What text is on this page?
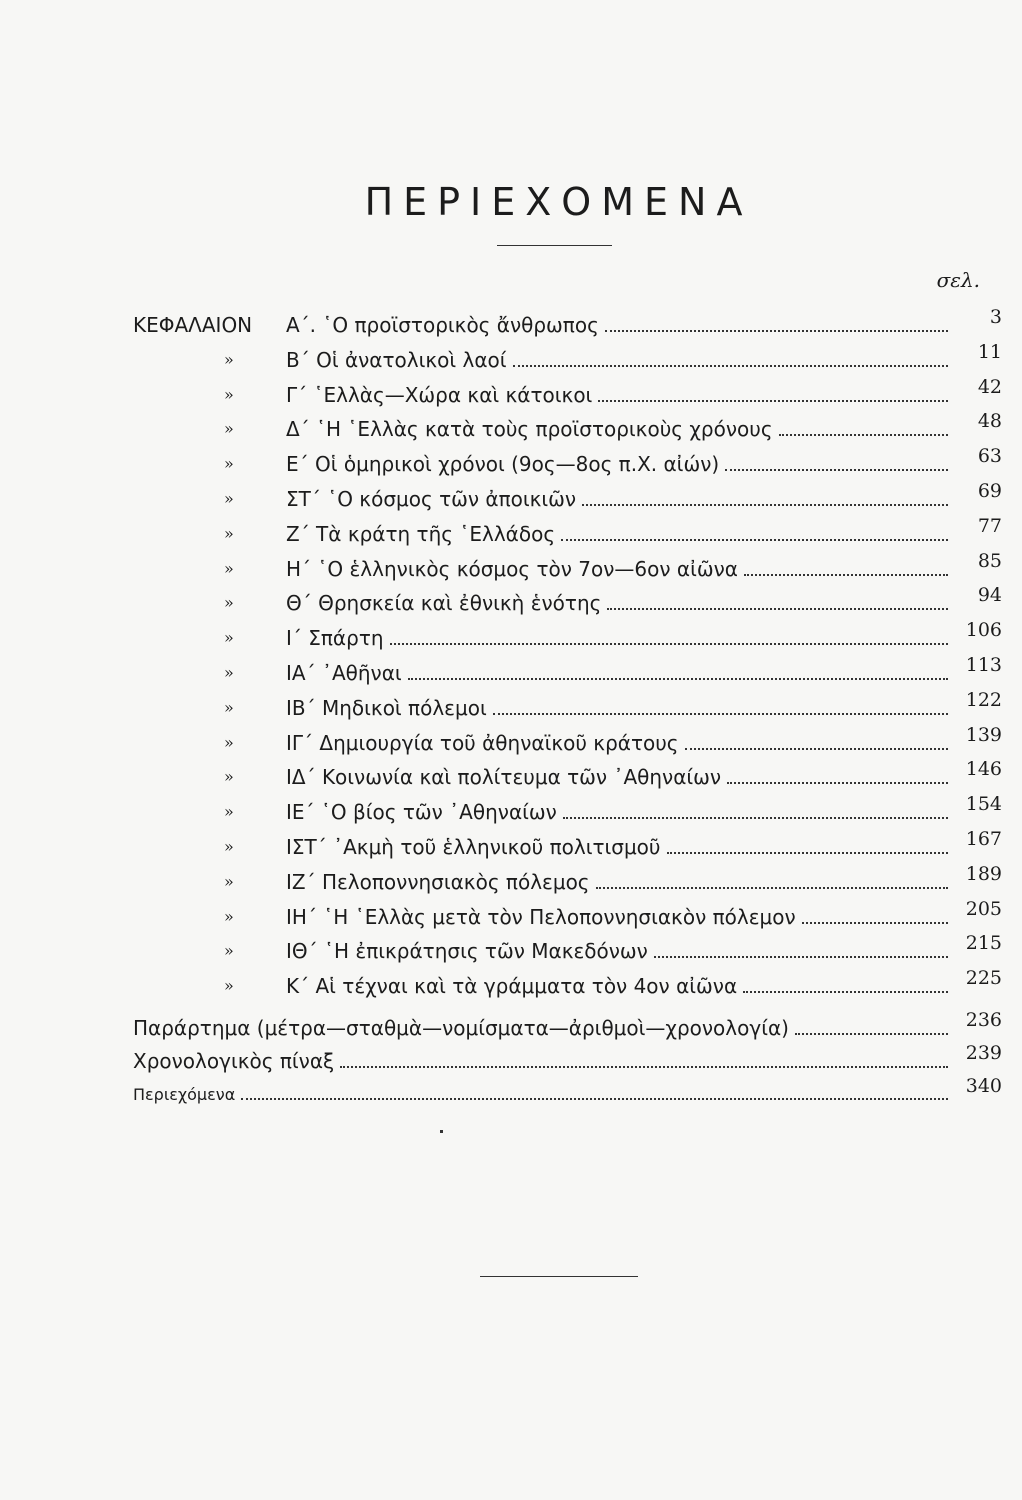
ΠΕΡΙΕΧΟΜΕΝΑ
σελ.
ΚΕΦΑΛΑΙΟΝ	Α΄. ῾Ο προϊστορικὸς ἄνθρωπος	3
»	Β΄ Οἱ ἀνατολικοὶ λαοί	11
»	Γ΄ ῾Ελλὰς—Χώρα καὶ κάτοικοι	42
»	Δ΄ ῾Η ῾Ελλὰς κατὰ τοὺς προϊστορικοὺς χρόνους	48
»	Ε΄ Οἱ ὁμηρικοὶ χρόνοι (9ος—8ος π.Χ. αἰών)	63
»	ΣΤ΄ ῾Ο κόσμος τῶν ἀποικιῶν	69
»	Ζ΄ Τὰ κράτη τῆς ῾Ελλάδος	77
»	Η΄ ῾Ο ἑλληνικὸς κόσμος τὸν 7ον—6ον αἰῶνα	85
»	Θ΄ Θρησκεία καὶ ἐθνικὴ ἑνότης	94
»	Ι΄ Σπάρτη	106
»	ΙΑ΄ ᾿Αθῆναι	113
»	ΙΒ΄ Μηδικοὶ πόλεμοι	122
»	ΙΓ΄ Δημιουργία τοῦ ἀθηναϊκοῦ κράτους	139
»	ΙΔ΄ Κοινωνία καὶ πολίτευμα τῶν ᾿Αθηναίων	146
»	ΙΕ΄ ῾Ο βίος τῶν ᾿Αθηναίων	154
»	ΙΣΤ΄ ᾿Ακμὴ τοῦ ἑλληνικοῦ πολιτισμοῦ	167
»	ΙΖ΄ Πελοποννησιακὸς πόλεμος	189
»	ΙΗ΄ ῾Η ῾Ελλὰς μετὰ τὸν Πελοποννησιακὸν πόλεμον	205
»	ΙΘ΄ ῾Η ἐπικράτησις τῶν Μακεδόνων	215
»	Κ΄ Αἱ τέχναι καὶ τὰ γράμματα τὸν 4ον αἰῶνα	225
Παράρτημα (μέτρα—σταθμὰ—νομίσματα—ἀριθμοὶ—χρονολογία)	236
Χρονολογικὸς πίναξ	239
Περιεχόμενα	340
